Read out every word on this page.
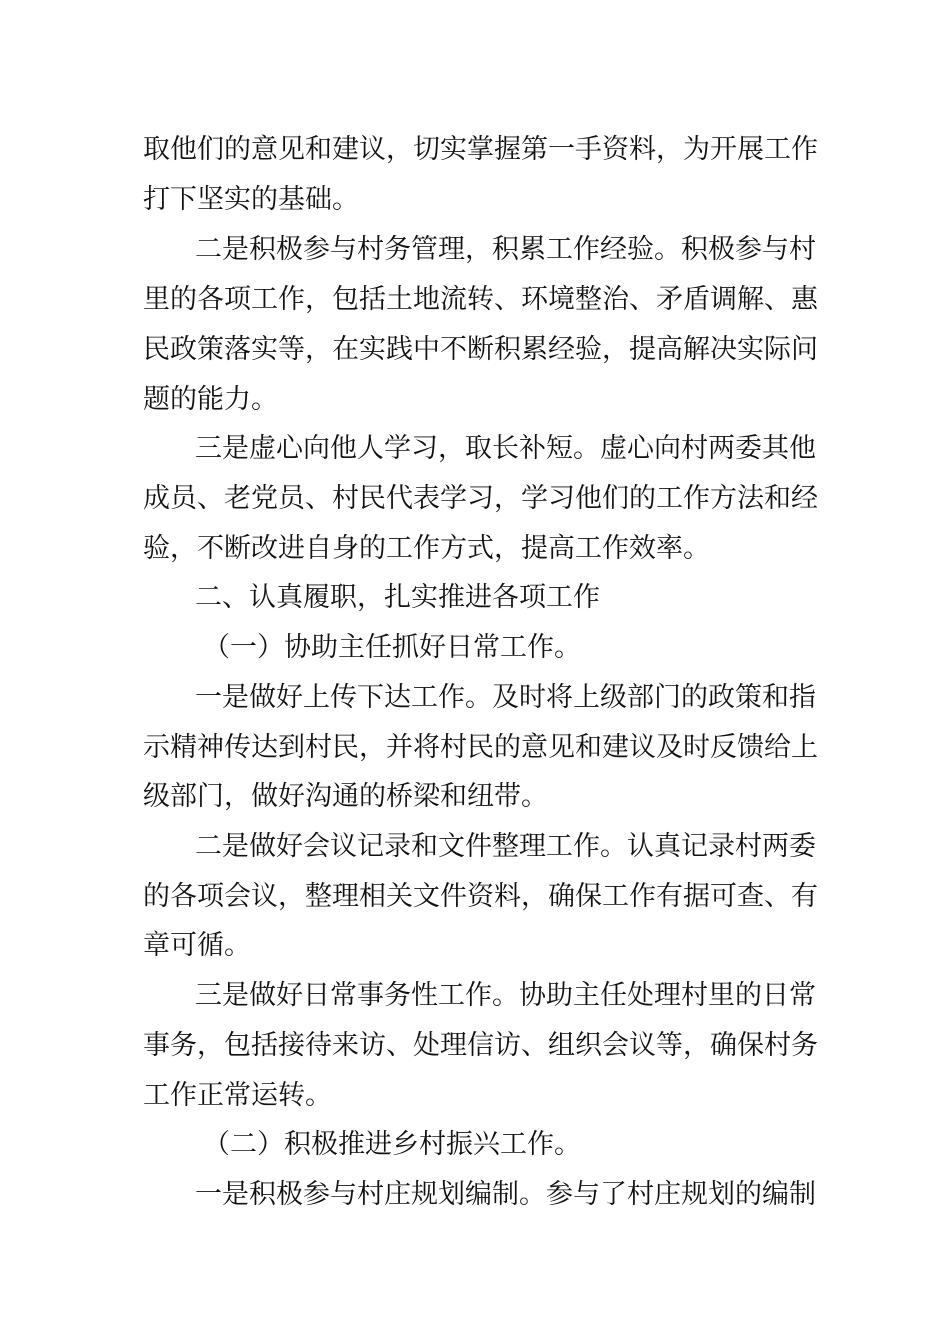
取他们的意见和建议，切实掌握第一手资料，为开展工作
打下坚实的基础。
二是积极参与村务管理，积累工作经验。积极参与村
里的各项工作，包括土地流转、环境整治、矛盾调解、惠
民政策落实等，在实践中不断积累经验，提高解决实际问
题的能力。
三是虚心向他人学习，取长补短。虚心向村两委其他
成员、老党员、村民代表学习，学习他们的工作方法和经
验，不断改进自身的工作方式，提高工作效率。
二、认真履职，扎实推进各项工作
（一）协助主任抓好日常工作。
一是做好上传下达工作。及时将上级部门的政策和指
示精神传达到村民，并将村民的意见和建议及时反馈给上
级部门，做好沟通的桥梁和纽带。
二是做好会议记录和文件整理工作。认真记录村两委
的各项会议，整理相关文件资料，确保工作有据可查、有
章可循。
三是做好日常事务性工作。协助主任处理村里的日常
事务，包括接待来访、处理信访、组织会议等，确保村务
工作正常运转。
（二）积极推进乡村振兴工作。
一是积极参与村庄规划编制。参与了村庄规划的编制
